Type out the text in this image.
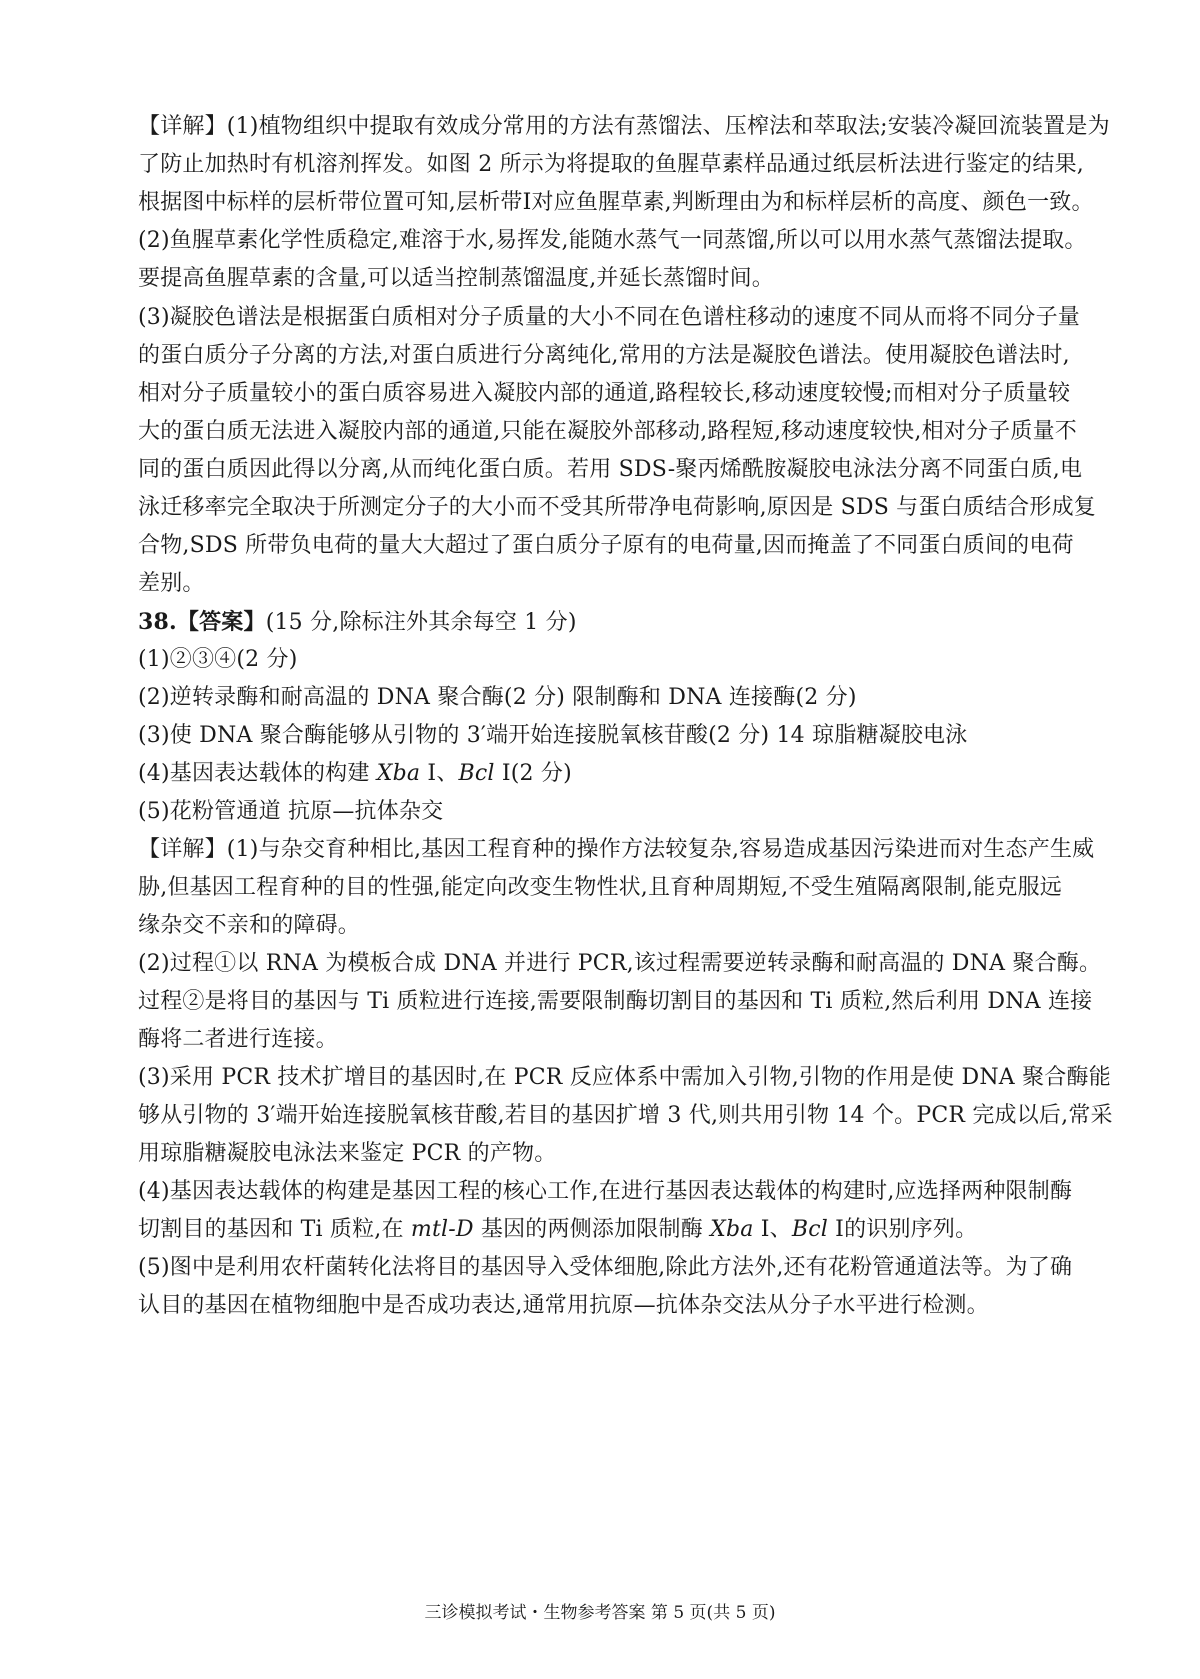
【详解】(1)植物组织中提取有效成分常用的方法有蒸馏法、压榨法和萃取法;安装冷凝回流装置是为
了防止加热时有机溶剂挥发。如图 2 所示为将提取的鱼腥草素样品通过纸层析法进行鉴定的结果,
根据图中标样的层析带位置可知,层析带Ⅰ对应鱼腥草素,判断理由为和标样层析的高度、颜色一致。
(2)鱼腥草素化学性质稳定,难溶于水,易挥发,能随水蒸气一同蒸馏,所以可以用水蒸气蒸馏法提取。
要提高鱼腥草素的含量,可以适当控制蒸馏温度,并延长蒸馏时间。
(3)凝胶色谱法是根据蛋白质相对分子质量的大小不同在色谱柱移动的速度不同从而将不同分子量
的蛋白质分子分离的方法,对蛋白质进行分离纯化,常用的方法是凝胶色谱法。使用凝胶色谱法时,
相对分子质量较小的蛋白质容易进入凝胶内部的通道,路程较长,移动速度较慢;而相对分子质量较
大的蛋白质无法进入凝胶内部的通道,只能在凝胶外部移动,路程短,移动速度较快,相对分子质量不
同的蛋白质因此得以分离,从而纯化蛋白质。若用 SDS-聚丙烯酰胺凝胶电泳法分离不同蛋白质,电
泳迁移率完全取决于所测定分子的大小而不受其所带净电荷影响,原因是 SDS 与蛋白质结合形成复
合物,SDS 所带负电荷的量大大超过了蛋白质分子原有的电荷量,因而掩盖了不同蛋白质间的电荷
差别。
38.【答案】(15 分,除标注外其余每空 1 分)
(1)②③④(2 分)
(2)逆转录酶和耐高温的 DNA 聚合酶(2 分) 限制酶和 DNA 连接酶(2 分)
(3)使 DNA 聚合酶能够从引物的 3′端开始连接脱氧核苷酸(2 分) 14 琼脂糖凝胶电泳
(4)基因表达载体的构建 Xba Ⅰ、Bcl Ⅰ(2 分)
(5)花粉管通道 抗原—抗体杂交
【详解】(1)与杂交育种相比,基因工程育种的操作方法较复杂,容易造成基因污染进而对生态产生威
胁,但基因工程育种的目的性强,能定向改变生物性状,且育种周期短,不受生殖隔离限制,能克服远
缘杂交不亲和的障碍。
(2)过程①以 RNA 为模板合成 DNA 并进行 PCR,该过程需要逆转录酶和耐高温的 DNA 聚合酶。
过程②是将目的基因与 Ti 质粒进行连接,需要限制酶切割目的基因和 Ti 质粒,然后利用 DNA 连接
酶将二者进行连接。
(3)采用 PCR 技术扩增目的基因时,在 PCR 反应体系中需加入引物,引物的作用是使 DNA 聚合酶能
够从引物的 3′端开始连接脱氧核苷酸,若目的基因扩增 3 代,则共用引物 14 个。PCR 完成以后,常采
用琼脂糖凝胶电泳法来鉴定 PCR 的产物。
(4)基因表达载体的构建是基因工程的核心工作,在进行基因表达载体的构建时,应选择两种限制酶
切割目的基因和 Ti 质粒,在 mtl-D 基因的两侧添加限制酶 Xba Ⅰ、Bcl Ⅰ的识别序列。
(5)图中是利用农杆菌转化法将目的基因导入受体细胞,除此方法外,还有花粉管通道法等。为了确
认目的基因在植物细胞中是否成功表达,通常用抗原—抗体杂交法从分子水平进行检测。
三诊模拟考试・生物参考答案 第 5 页(共 5 页)
